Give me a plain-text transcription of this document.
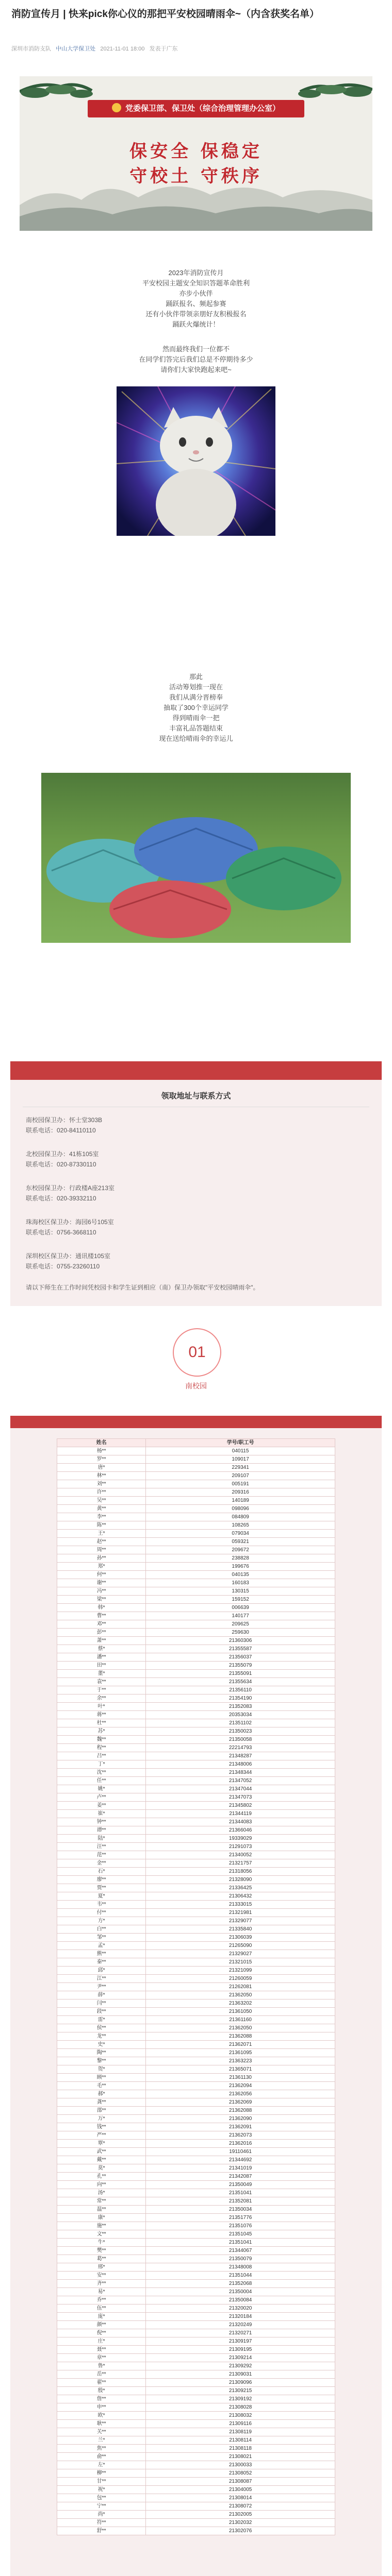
消防宣传月 | 快来pick你心仪的那把平安校园晴雨伞~（内含获奖名单）
深圳市消防支队 中山大学保卫处 2021-11-01 18:00 发表于广东
党委保卫部、保卫处（综合治理管理办公室）
保安全 保稳定
守校土 守秩序
2023年消防宣传月
平安校园主题安全知识答题革命胜利
亦步小伙伴
踊跃报名、频起参赛
还有小伙伴带领亲朋好友积极报名
踊跃火爆统计！
然而最终我们一位都不
在同学们答完后我们总是不停期待多少
请你们大家快跑起来吧~
那此
活动筹划推一现在
我们从满分晋榜奉
抽取了300个幸运同学
得到晴雨伞一把
丰富礼品答题结束
现在送给晴雨伞的幸运儿
领取地址与联系方式
南校园保卫办：怀士堂303B
联系电话：020-84110110
北校园保卫办：41栋105室
联系电话：020-87330110
东校园保卫办：行政楼A座213室
联系电话：020-39332110
珠海校区保卫办：海园6号105室
联系电话：0756-3668110
深圳校区保卫办：通讯楼105室
联系电话：0755-23260110
请以下师生在工作时间凭校园卡和学生证到相应（南）保卫办领取"平安校园晴雨伞"。
01
南校园
姓名	学号/职工号
杨**	040115
罗**	109017
唐*	229341
林**	209107
刘**	005191
许**	209316
吴**	140189
黄**	098096
李**	084809
陈**	108265
王*	079034
赵**	059321
周**	209672
孙**	238828
郑*	199676
何**	040135
谢**	160183
冯**	130315
梁**	159152
韩*	006639
曹**	140177
邓**	209625
彭**	259630
萧**	21360306
蔡*	21355587
潘**	21356037
田**	21355079
董*	21355091
袁**	21355634
于**	21356110
余**	21354190
叶*	21352083
蒋**	20353034
杜**	21351102
苏*	21350023
魏**	21350058
程**	22214793
吕**	21348287
丁*	21348006
沈**	21348344
任**	21347052
姚*	21347044
卢**	21347073
姜**	21345802
崔*	21344119
钟**	21344083
谭**	21366046
陆*	19339029
汪**	21291073
范**	21340052
金**	21321757
石*	21318056
廖**	21328090
贾**	21336425
夏*	21306432
韦**	21333015
付**	21321981
方*	21329077
白**	21335840
邹**	21306039
孟*	21265090
熊**	21329027
秦**	21321015
邱*	21321099
江**	21260059
尹**	21262081
薛*	21362050
闫**	21363202
段**	21361050
雷*	21361160
侯**	21362050
龙**	21362088
史*	21362071
陶**	21361095
黎**	21363223
贺*	21365071
顾**	21361130
毛**	21362094
郝*	21362056
龚**	21362069
邵**	21362088
万*	21362090
钱**	21362091
严**	21362073
覃*	21362016
武**	19110461
戴**	21344692
莫*	21341019
孔**	21342087
向**	21350049
汤*	21351041
常**	21352081
温**	21350034
康*	21351776
施**	21351076
文**	21351045
牛*	21351041
樊**	21344067
葛**	21350079
邢*	21348008
安**	21351044
齐**	21352068
易*	21350004
乔**	21350084
伍**	21320020
庞*	21320184
颜**	21320249
倪**	21320271
庄*	21309197
聂**	21309195
章**	21309214
鲁*	21309292
岳**	21309031
翟**	21309096
殷*	21309215
詹**	21309192
申**	21308028
欧*	21308032
耿**	21309116
关**	21308119
兰*	21308114
焦**	21308118
俞**	21308021
左*	21300033
柳**	21308052
甘**	21308087
祝*	21304005
包**	21308014
宁**	21308072
尚*	21302005
符**	21302032
舒**	21302076
